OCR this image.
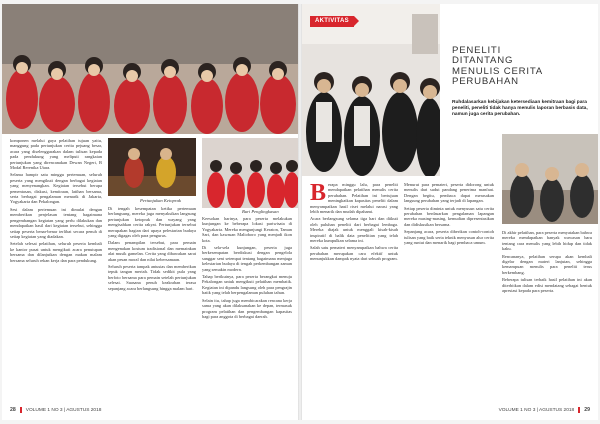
Pertunjukan Ketoprak
Buri Penglingkasan

komponen melalui gaya pelatihan tujuan yaitu, manggung pada pertunjukan cerita pejuang besar, acara yang diselenggarakan dalam tulisan kepada pada pendukung yang meliputi rangkaian pertunjukan yang direncanakan Dewan Negeri, B Modal Rerenika Utara.

Selama hampir satu minggu pertemuan, seluruh peserta yang mengikuti dengan berbagai kegiatan yang menyenangkan. Kegiatan tersebut berupa pementasan, diskusi, kemitraan, latihan bersama, serta berbagai pengalaman menarik di Jakarta, Yogyakarta dan Pekalongan.

Sesi dalam pertemuan ini dimulai dengan memberikan penjelasan tentang bagaimana pengembangan kegiatan yang perlu dilakukan dan mendapatkan hasil dari kegiatan tersebut, sehingga setiap peserta benar-benar terlibat secara penuh di setiap kegiatan yang diadakan.

Setelah selesai pelatihan, seluruh peserta kembali ke kantor pusat untuk mengikuti acara penutupan bersama dan dilanjutkan dengan makan malam bersama seluruh rekan kerja dan para pendukung.

Di tengah kesempatan ketika pertemuan berlangsung, mereka juga menyaksikan langsung pertunjukan ketoprak dan wayang yang mengisahkan cerita rakyat. Pertunjukan tersebut merupakan bagian dari upaya pelestarian budaya yang digagas oleh para pengurus.

Dalam penampilan tersebut, para pemain mengenakan kostum tradisional dan memainkan alat musik gamelan. Cerita yang dibawakan sarat akan pesan moral dan nilai kebersamaan.

Seluruh peserta tampak antusias dan memberikan tepuk tangan meriah. Tidak sedikit pula yang berfoto bersama para pemain setelah pertunjukan selesai. Suasana penuh keakraban terasa sepanjang acara berlangsung hingga malam hari.

Keesokan harinya, para peserta melakukan kunjungan ke beberapa lokasi pariwisata di Yogyakarta. Mereka mengunjungi Keraton, Taman Sari, dan kawasan Malioboro yang menjadi ikon kota.

Di sela-sela kunjungan, peserta juga berkesempatan berdiskusi dengan pengelola sanggar seni setempat tentang bagaimana menjaga kelestarian budaya di tengah perkembangan zaman yang semakin modern.

Tahap berikutnya, para peserta berangkat menuju Pekalongan untuk mengikuti pelatihan membatik. Kegiatan ini dipandu langsung oleh para pengrajin batik yang telah berpengalaman puluhan tahun.

Selain itu, tahap juga membicarakan rencana kerja sama yang akan dilaksanakan ke depan, termasuk program pelatihan dan pengembangan kapasitas bagi para anggota di berbagai daerah.

28 VOLUME 1 NO 3 | AGUSTUS 2018
AKTIVITAS
PENELITI
DITANTANG
MENULIS CERITA
PERUBAHAN
Ruhdalasarkan kebijakan ketersediaan kemitraan bagi para peneliti, peneliti tidak hanya menulis laporan berbasis data, namun juga cerita perubahan.

Berapa minggu lalu, para peneliti mendapatkan pelatihan menulis cerita perubahan. Pelatihan ini bertujuan meningkatkan kapasitas peneliti dalam menyampaikan hasil riset melalui narasi yang lebih menarik dan mudah dipahami.

Acara berlangsung selama tiga hari dan diikuti oleh puluhan peneliti dari berbagai lembaga. Mereka diajak untuk menggali kisah-kisah inspiratif di balik data penelitian yang telah mereka kumpulkan selama ini.

Salah satu pemateri menyampaikan bahwa cerita perubahan merupakan cara efektif untuk menunjukkan dampak nyata dari sebuah program.

Menurut para pemateri, peserta didorong untuk menulis dari sudut pandang penerima manfaat. Dengan begitu, pembaca dapat merasakan langsung perubahan yang terjadi di lapangan.

Setiap peserta diminta untuk menyusun satu cerita perubahan berdasarkan pengalaman lapangan mereka masing-masing, kemudian dipresentasikan dan didiskusikan bersama.

Sepanjang acara, peserta diberikan contoh-contoh tulisan yang baik serta teknik menyusun alur cerita yang runtut dan menarik bagi pembaca umum.

Di akhir pelatihan, para peserta menyatakan bahwa mereka mendapatkan banyak wawasan baru tentang cara menulis yang lebih hidup dan tidak kaku.

Rencananya, pelatihan serupa akan kembali digelar dengan materi lanjutan, sehingga kemampuan menulis para peneliti terus berkembang.

Beberapa tulisan terbaik hasil pelatihan ini akan diterbitkan dalam edisi mendatang sebagai bentuk apresiasi kepada para peserta.

VOLUME 1 NO 3 | AGUSTUS 2018 29
